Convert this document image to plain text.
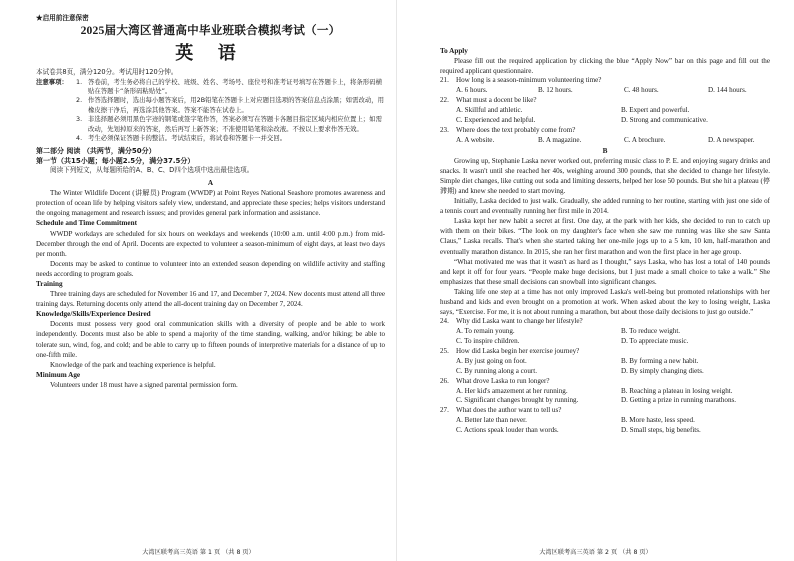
★启用前注意保密

2025届大湾区普通高中毕业班联合模拟考试（一）

英 语

本试卷共8页，满分120分。考试用时120分钟。

注意事项：	1. 答卷前，考生务必将自己的学校、班级、姓名、考场号、座位号和准考证号填写在答题卡上，将条形码横贴在答题卡“条形码粘贴处”。
2. 作答选择题时，选出每小题答案后，用2B铅笔在答题卡上对应题目选项的答案信息点涂黑；如需改动，用橡皮擦干净后，再选涂其他答案。答案不能答在试卷上。
3. 非选择题必须用黑色字迹的钢笔或签字笔作答，答案必须写在答题卡各题目指定区域内相应位置上；如需改动，先划掉原来的答案，然后再写上新答案；不准使用铅笔和涂改液。不按以上要求作答无效。
4. 考生必须保证答题卡的整洁。考试结束后，将试卷和答题卡一并交回。

第二部分 阅读 （共两节，满分50分）

第一节（共15小题；每小题2.5分，满分37.5分）

阅读下列短文，从每题所给的A、B、C、D四个选项中选出最佳选项。

A

The Winter Wildlife Docent (讲解员) Program (WWDP) at Point Reyes National Seashore promotes awareness and protection of ocean life by helping visitors safely view, understand, and appreciate these species; helps visitors understand the ongoing management and research issues; and provides general park information and assistance.

Schedule and Time Commitment

WWDP workdays are scheduled for six hours on weekdays and weekends (10:00 a.m. until 4:00 p.m.) from mid-December through the end of April. Docents are expected to volunteer a season-minimum of eight days, at least two days per month.

Docents may be asked to continue to volunteer into an extended season depending on wildlife activity and staffing needs according to program goals.

Training

Three training days are scheduled for November 16 and 17, and December 7, 2024. New docents must attend all three training days. Returning docents only attend the all-docent training day on December 7, 2024.

Knowledge/Skills/Experience Desired

Docents must possess very good oral communication skills with a diversity of people and be able to work independently. Docents must also be able to spend a majority of the time standing, walking, and/or hiking; be able to tolerate sun, wind, fog, and cold; and be able to carry up to fifteen pounds of interpretive materials for a distance of up to one-fifth mile.

Knowledge of the park and teaching experience is helpful.

Minimum Age

Volunteers under 18 must have a signed parental permission form.

大湾区联考高三英语 第 1 页 （共 8 页）

To Apply

Please fill out the required application by clicking the blue “Apply Now” bar on this page and fill out the required applicant questionnaire.

21.	How long is a season-minimum volunteering time?
A. 6 hours.	B. 12 hours.	C. 48 hours.	D. 144 hours.
22.	What must a docent be like?
A. Skillful and athletic.	B. Expert and powerful.
C. Experienced and helpful.	D. Strong and communicative.
23.	Where does the text probably come from?
A. A website.	B. A magazine.	C. A brochure.	D. A newspaper.

B

Growing up, Stephanie Laska never worked out, preferring music class to P. E. and enjoying sugary drinks and snacks. It wasn't until she reached her 40s, weighing around 300 pounds, that she decided to change her lifestyle. Simple diet changes, like cutting out soda and limiting desserts, helped her lose 50 pounds. But she hit a plateau (停滞期) and knew she needed to start moving.

Initially, Laska decided to just walk. Gradually, she added running to her routine, starting with just one side of a tennis court and eventually running her first mile in 2014.

Laska kept her new habit a secret at first. One day, at the park with her kids, she decided to run to catch up with them on their bikes. “The look on my daughter's face when she saw me running was like she saw Santa Claus,” Laska recalls. That's when she started taking her one-mile jogs up to a 5 km, 10 km, half-marathon and eventually marathon distance. In 2015, she ran her first marathon and won the first place in her age group.

“What motivated me was that it wasn't as hard as I thought,” says Laska, who has lost a total of 140 pounds and kept it off for four years. “People make huge decisions, but I just made a small choice to take a walk.” She emphasizes that these small decisions can snowball into significant changes.

Taking life one step at a time has not only improved Laska's well-being but promoted relationships with her husband and kids and even brought on a promotion at work. When asked about the key to losing weight, Laska says, “Exercise. For me, it is not about running a marathon, but about those daily decisions to just go outside.”

24.	Why did Laska want to change her lifestyle?
A. To remain young.	B. To reduce weight.
C. To inspire children.	D. To appreciate music.
25.	How did Laska begin her exercise journey?
A. By just going on foot.	B. By forming a new habit.
C. By running along a court.	D. By simply changing diets.
26.	What drove Laska to run longer?
A. Her kid's amazement at her running.	B. Reaching a plateau in losing weight.
C. Significant changes brought by running.	D. Getting a prize in running marathons.
27.	What does the author want to tell us?
A. Better late than never.	B. More haste, less speed.
C. Actions speak louder than words.	D. Small steps, big benefits.
大湾区联考高三英语 第 2 页 （共 8 页）
